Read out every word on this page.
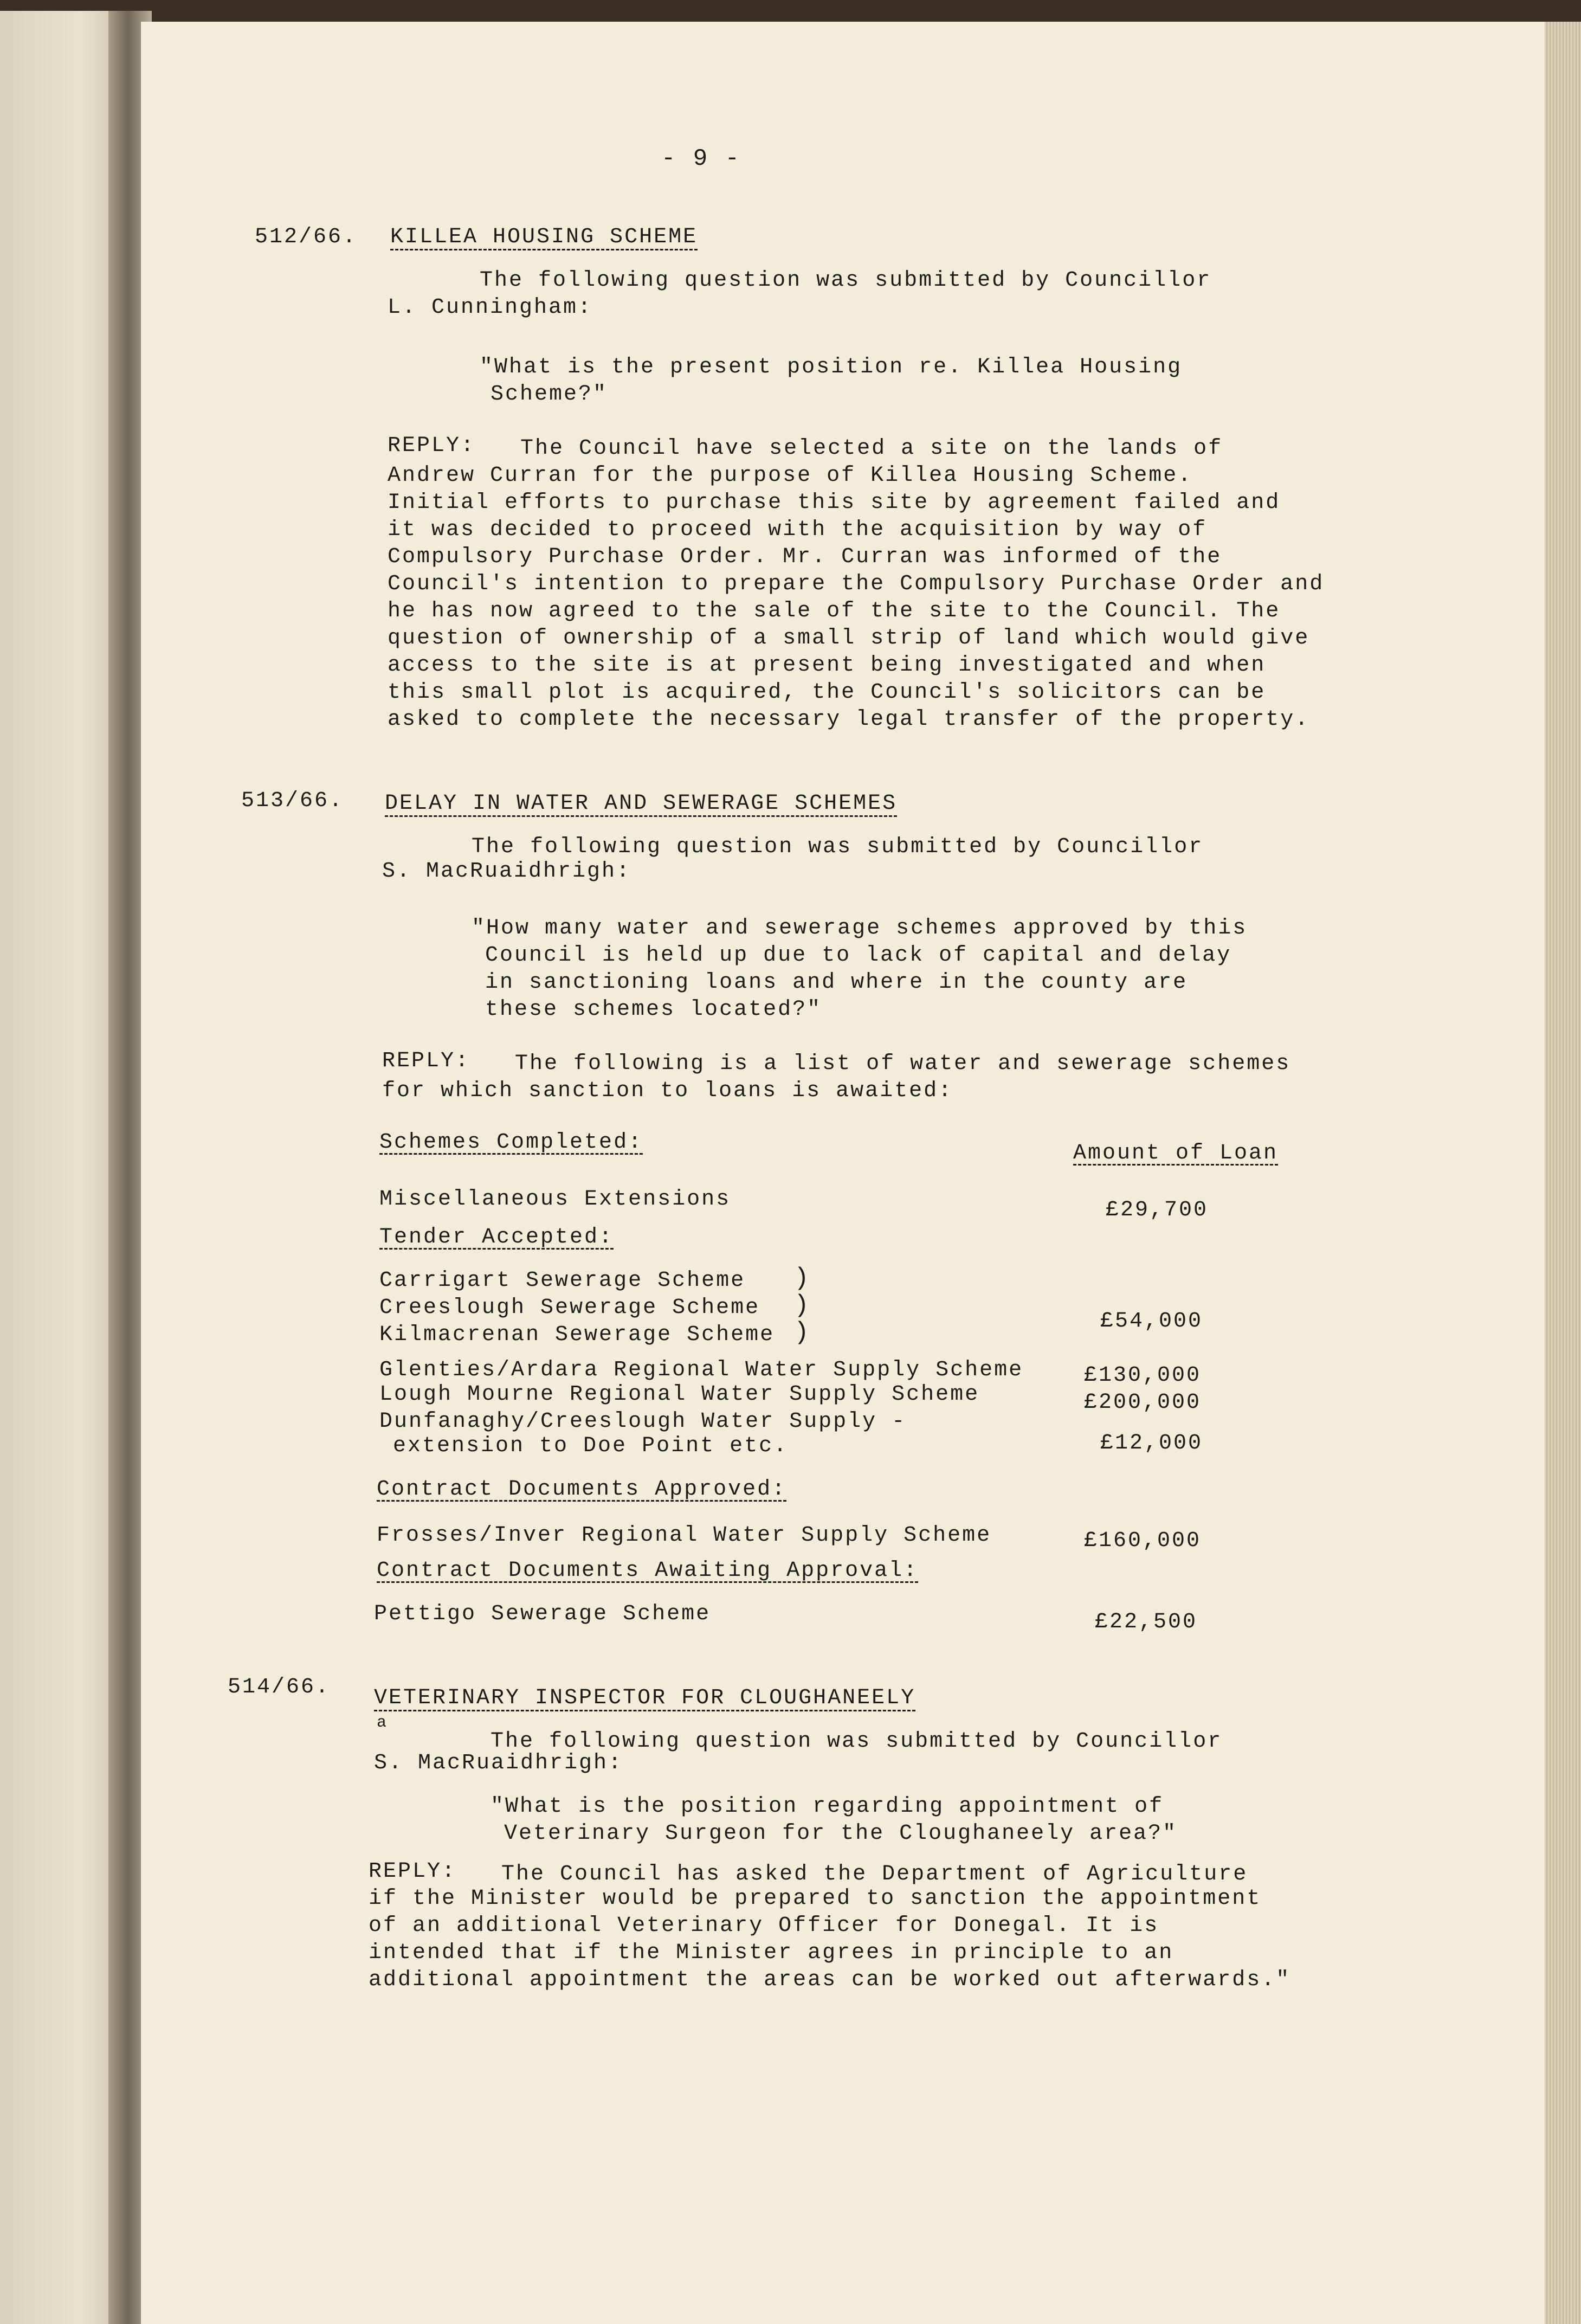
- 9 -
512/66. KILLEA HOUSING SCHEME
The following question was submitted by Councillor
L. Cunningham:
"What is the present position re. Killea Housing
Scheme?"
REPLY: The Council have selected a site on the lands of
Andrew Curran for the purpose of Killea Housing Scheme.
Initial efforts to purchase this site by agreement failed and
it was decided to proceed with the acquisition by way of
Compulsory Purchase Order. Mr. Curran was informed of the
Council's intention to prepare the Compulsory Purchase Order and
he has now agreed to the sale of the site to the Council. The
question of ownership of a small strip of land which would give
access to the site is at present being investigated and when
this small plot is acquired, the Council's solicitors can be
asked to complete the necessary legal transfer of the property.
513/66. DELAY IN WATER AND SEWERAGE SCHEMES
The following question was submitted by Councillor
S. MacRuaidhrigh:
"How many water and sewerage schemes approved by this
Council is held up due to lack of capital and delay
in sanctioning loans and where in the county are
these schemes located?"
REPLY: The following is a list of water and sewerage schemes
for which sanction to loans is awaited:
Schemes Completed:	Amount of Loan
Miscellaneous Extensions	£29,700
Tender Accepted:
Carrigart Sewerage Scheme
Creeslough Sewerage Scheme
Kilmacrenan Sewerage Scheme
)
)
)	£54,000
Glenties/Ardara Regional Water Supply Scheme	£130,000
Lough Mourne Regional Water Supply Scheme	£200,000
Dunfanaghy/Creeslough Water Supply -
extension to Doe Point etc.	£12,000
Contract Documents Approved:
Frosses/Inver Regional Water Supply Scheme	£160,000
Contract Documents Awaiting Approval:
Pettigo Sewerage Scheme	£22,500
514/66. VETERINARY INSPECTOR FOR CLOUGHANEELY
a
The following question was submitted by Councillor
S. MacRuaidhrigh:
"What is the position regarding appointment of
Veterinary Surgeon for the Cloughaneely area?"
REPLY: The Council has asked the Department of Agriculture
if the Minister would be prepared to sanction the appointment
of an additional Veterinary Officer for Donegal. It is
intended that if the Minister agrees in principle to an
additional appointment the areas can be worked out afterwards."
